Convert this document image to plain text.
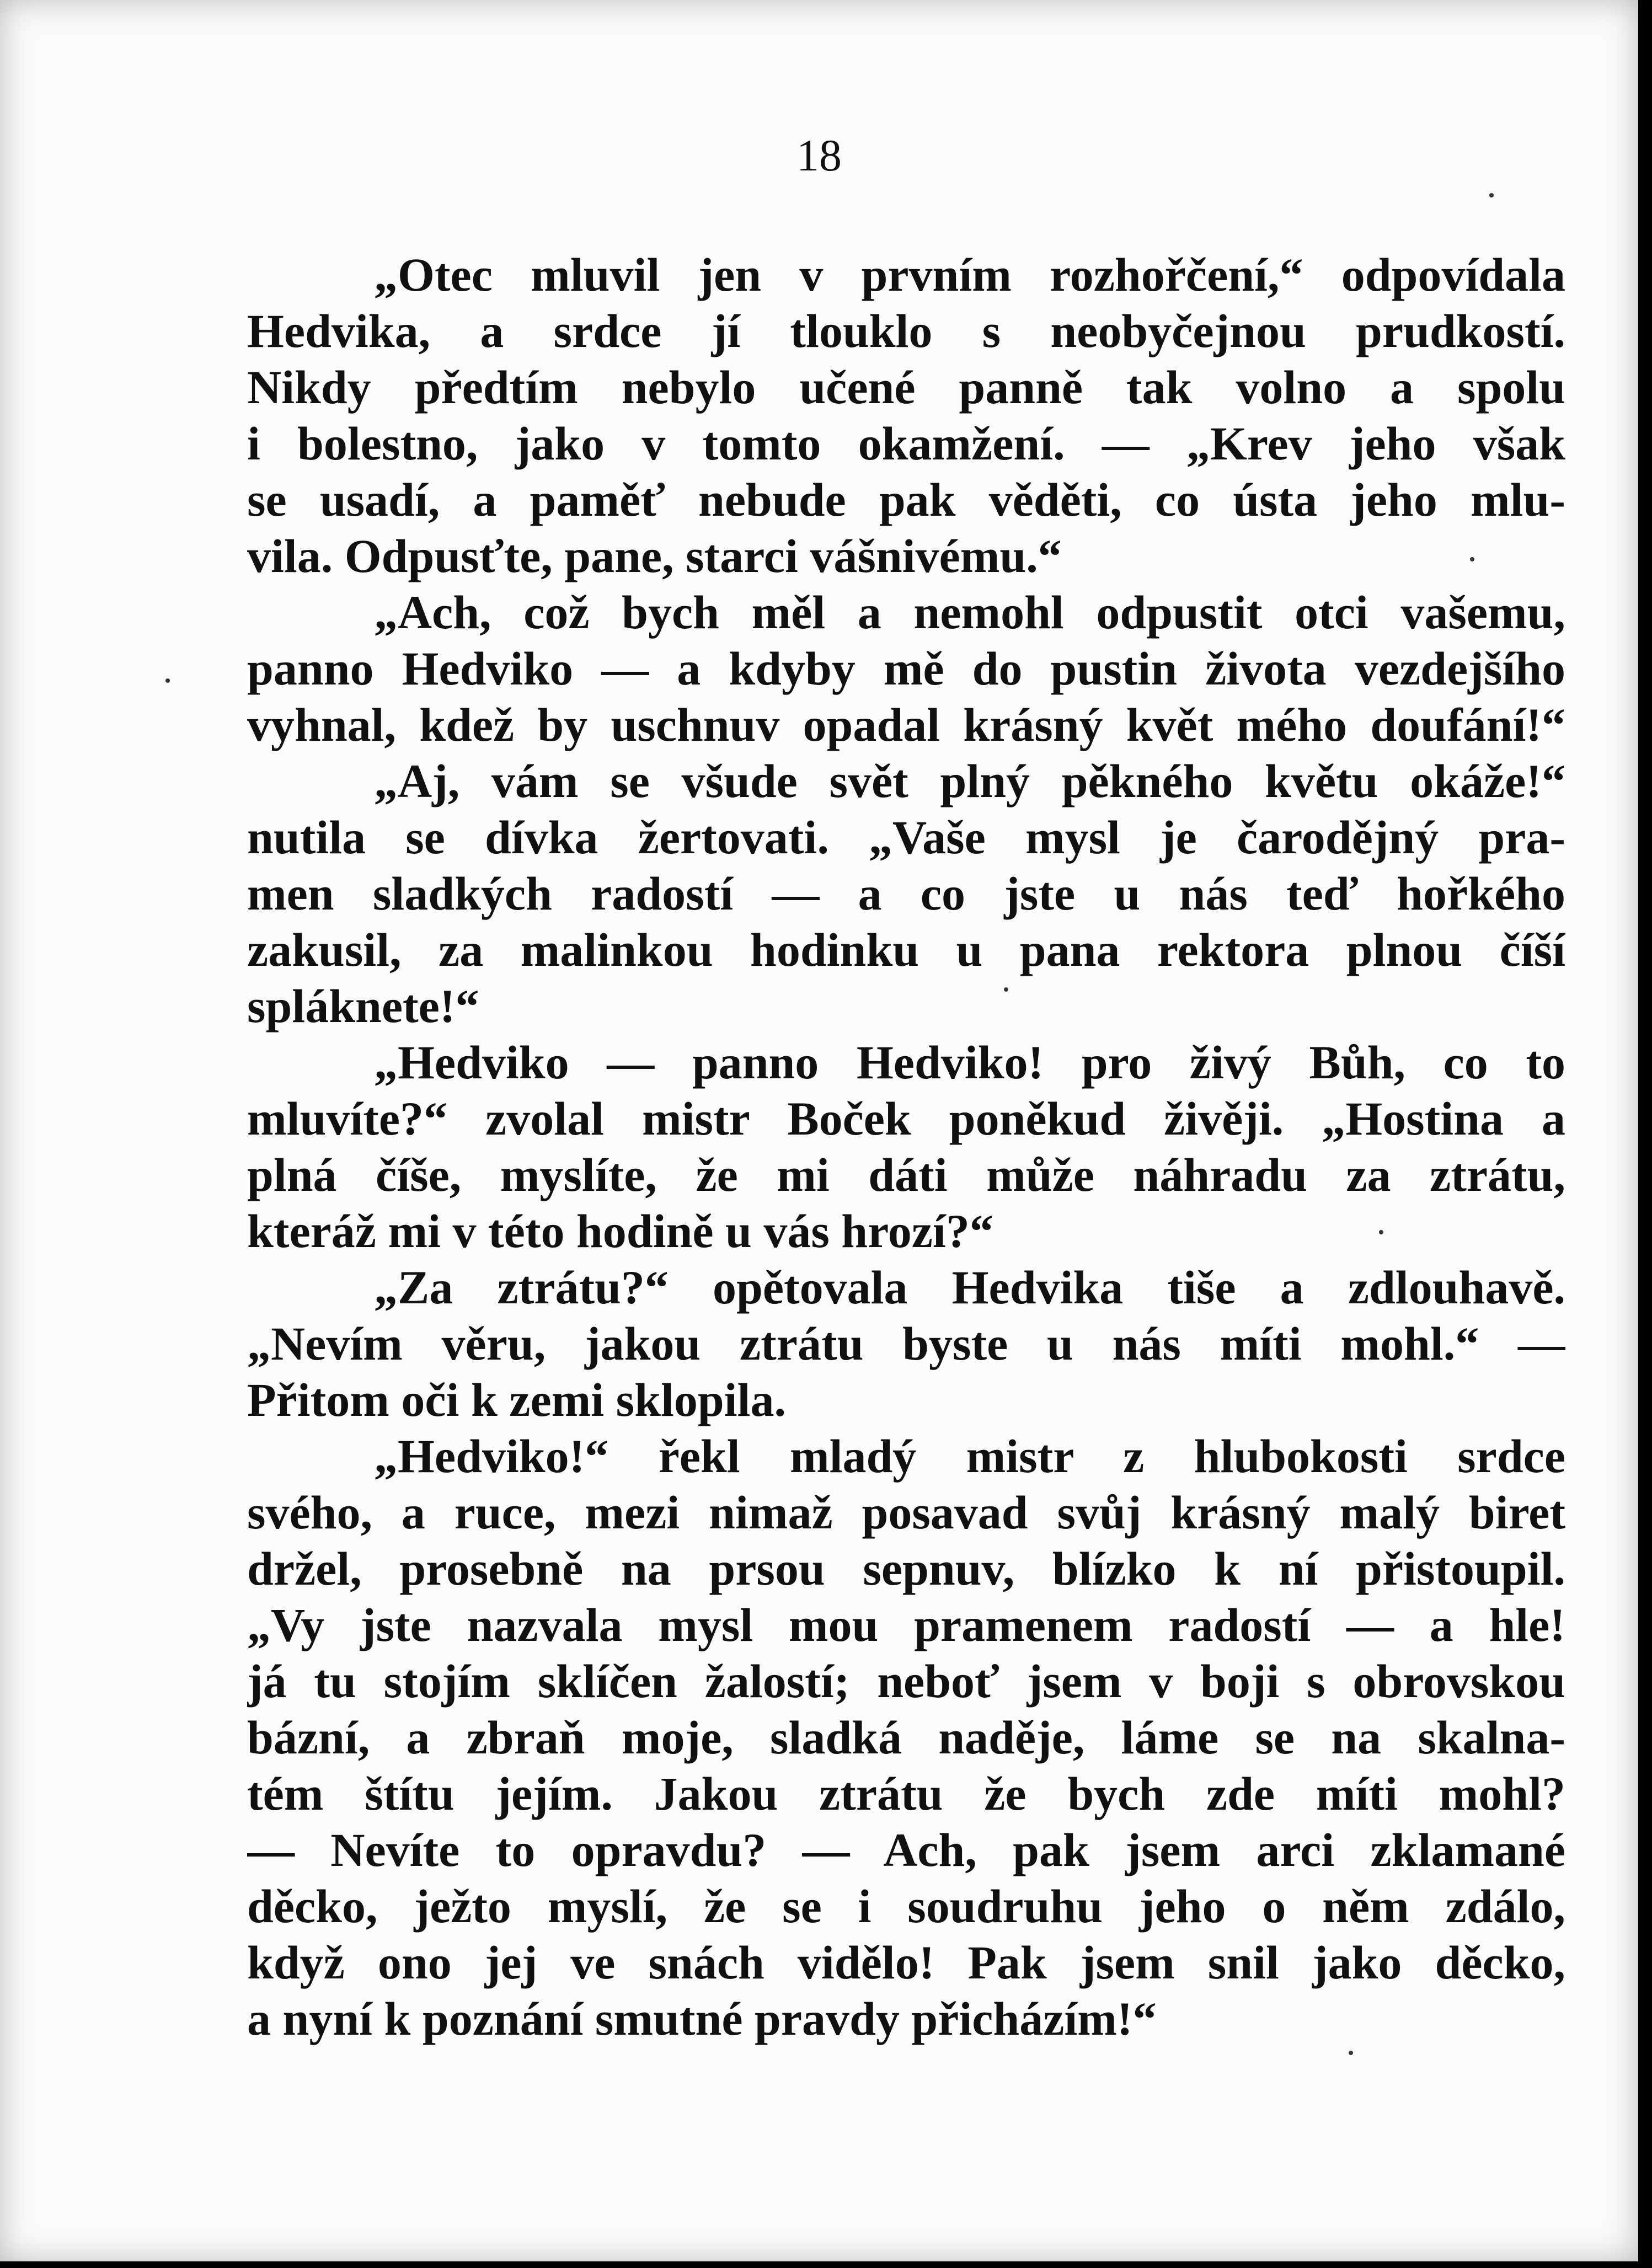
18
„Otec mluvil jen v prvním rozhořčení,“ odpovídala
Hedvika, a srdce jí tlouklo s neobyčejnou prudkostí.
Nikdy předtím nebylo učené panně tak volno a spolu
i bolestno, jako v tomto okamžení. — „Krev jeho však
se usadí, a paměť nebude pak věděti, co ústa jeho mlu-
vila. Odpusťte, pane, starci vášnivému.“
„Ach, což bych měl a nemohl odpustit otci vašemu,
panno Hedviko — a kdyby mě do pustin života vezdejšího
vyhnal, kdež by uschnuv opadal krásný květ mého doufání!“
„Aj, vám se všude svět plný pěkného květu okáže!“
nutila se dívka žertovati. „Vaše mysl je čarodějný pra-
men sladkých radostí — a co jste u nás teď hořkého
zakusil, za malinkou hodinku u pana rektora plnou číší
spláknete!“
„Hedviko — panno Hedviko! pro živý Bůh, co to
mluvíte?“ zvolal mistr Boček poněkud živěji. „Hostina a
plná číše, myslíte, že mi dáti může náhradu za ztrátu,
kteráž mi v této hodině u vás hrozí?“
„Za ztrátu?“ opětovala Hedvika tiše a zdlouhavě.
„Nevím věru, jakou ztrátu byste u nás míti mohl.“ —
Přitom oči k zemi sklopila.
„Hedviko!“ řekl mladý mistr z hlubokosti srdce
svého, a ruce, mezi nimaž posavad svůj krásný malý biret
držel, prosebně na prsou sepnuv, blízko k ní přistoupil.
„Vy jste nazvala mysl mou pramenem radostí — a hle!
já tu stojím sklíčen žalostí; neboť jsem v boji s obrovskou
bázní, a zbraň moje, sladká naděje, láme se na skalna-
tém štítu jejím. Jakou ztrátu že bych zde míti mohl?
— Nevíte to opravdu? — Ach, pak jsem arci zklamané
děcko, ježto myslí, že se i soudruhu jeho o něm zdálo,
když ono jej ve snách vidělo! Pak jsem snil jako děcko,
a nyní k poznání smutné pravdy přicházím!“
